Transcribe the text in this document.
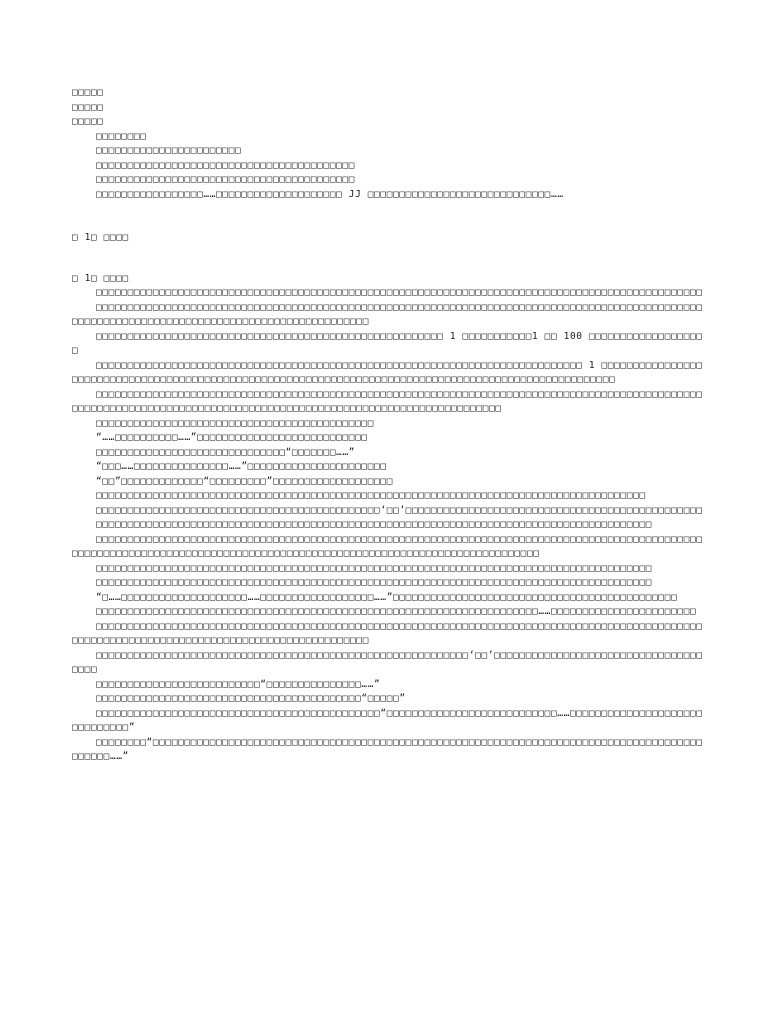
□□□□□
□□□□□
□□□□□
□□□□□□□□
□□□□□□□□□□□□□□□□□□□□□□□
□□□□□□□□□□□□□□□□□□□□□□□□□□□□□□□□□□□□□□□□□
□□□□□□□□□□□□□□□□□□□□□□□□□□□□□□□□□□□□□□□□□
□□□□□□□□□□□□□□□□□……□□□□□□□□□□□□□□□□□□□□ JJ □□□□□□□□□□□□□□□□□□□□□□□□□□□□□……
□ 1□ □□□□
□ 1□ □□□□

□□□□□□□□□□□□□□□□□□□□□□□□□□□□□□□□□□□□□□□□□□□□□□□□□□□□□□□□□□□□□□□□□□□□□□□□□□□□□□□□□□□□□□□□□□□□□□□□

□□□□□□□□□□□□□□□□□□□□□□□□□□□□□□□□□□□□□□□□□□□□□□□□□□□□□□□□□□□□□□□□□□□□□□□□□□□□□□□□□□□□□□□□□□□□□□□□□□□□□□□□□□□□□□□□□□□□□□□□□□□□□□□□□□□□□□□□□□□□□□□

□□□□□□□□□□□□□□□□□□□□□□□□□□□□□□□□□□□□□□□□□□□□□□□□□□□□□□□ 1 □□□□□□□□□□□1 □□ 100 □□□□□□□□□□□□□□□□□□□

□□□□□□□□□□□□□□□□□□□□□□□□□□□□□□□□□□□□□□□□□□□□□□□□□□□□□□□□□□□□□□□□□□□□□□□□□□□□□ 1 □□□□□□□□□□□□□□□□□□□□□□□□□□□□□□□□□□□□□□□□□□□□□□□□□□□□□□□□□□□□□□□□□□□□□□□□□□□□□□□□□□□□□□□□□□□□□□□□□□□□□□

□□□□□□□□□□□□□□□□□□□□□□□□□□□□□□□□□□□□□□□□□□□□□□□□□□□□□□□□□□□□□□□□□□□□□□□□□□□□□□□□□□□□□□□□□□□□□□□□□□□□□□□□□□□□□□□□□□□□□□□□□□□□□□□□□□□□□□□□□□□□□□□□□□□□□□□□□□□□□□□□□□□□

□□□□□□□□□□□□□□□□□□□□□□□□□□□□□□□□□□□□□□□□□□□□

“……□□□□□□□□□□……”□□□□□□□□□□□□□□□□□□□□□□□□□□□

□□□□□□□□□□□□□□□□□□□□□□□□□□□□□□“□□□□□□□……”

“□□□……□□□□□□□□□□□□□□□……”□□□□□□□□□□□□□□□□□□□□□□

“□□”□□□□□□□□□□□□□“□□□□□□□□□”□□□□□□□□□□□□□□□□□□□

□□□□□□□□□□□□□□□□□□□□□□□□□□□□□□□□□□□□□□□□□□□□□□□□□□□□□□□□□□□□□□□□□□□□□□□□□□□□□□□□□□□□□□□

□□□□□□□□□□□□□□□□□□□□□□□□□□□□□□□□□□□□□□□□□□□□□‘□□’□□□□□□□□□□□□□□□□□□□□□□□□□□□□□□□□□□□□□□□□□□□□□□□

□□□□□□□□□□□□□□□□□□□□□□□□□□□□□□□□□□□□□□□□□□□□□□□□□□□□□□□□□□□□□□□□□□□□□□□□□□□□□□□□□□□□□□□□

□□□□□□□□□□□□□□□□□□□□□□□□□□□□□□□□□□□□□□□□□□□□□□□□□□□□□□□□□□□□□□□□□□□□□□□□□□□□□□□□□□□□□□□□□□□□□□□□□□□□□□□□□□□□□□□□□□□□□□□□□□□□□□□□□□□□□□□□□□□□□□□□□□□□□□□□□□□□□□□□□□□□□□□□□□

□□□□□□□□□□□□□□□□□□□□□□□□□□□□□□□□□□□□□□□□□□□□□□□□□□□□□□□□□□□□□□□□□□□□□□□□□□□□□□□□□□□□□□□□

□□□□□□□□□□□□□□□□□□□□□□□□□□□□□□□□□□□□□□□□□□□□□□□□□□□□□□□□□□□□□□□□□□□□□□□□□□□□□□□□□□□□□□□□

“□……□□□□□□□□□□□□□□□□□□□□……□□□□□□□□□□□□□□□□□□……”□□□□□□□□□□□□□□□□□□□□□□□□□□□□□□□□□□□□□□□□□□□□□

□□□□□□□□□□□□□□□□□□□□□□□□□□□□□□□□□□□□□□□□□□□□□□□□□□□□□□□□□□□□□□□□□□□□□□……□□□□□□□□□□□□□□□□□□□□□□□

□□□□□□□□□□□□□□□□□□□□□□□□□□□□□□□□□□□□□□□□□□□□□□□□□□□□□□□□□□□□□□□□□□□□□□□□□□□□□□□□□□□□□□□□□□□□□□□□□□□□□□□□□□□□□□□□□□□□□□□□□□□□□□□□□□□□□□□□□□□□□□□

□□□□□□□□□□□□□□□□□□□□□□□□□□□□□□□□□□□□□□□□□□□□□□□□□□□□□□□□□□□‘□□’□□□□□□□□□□□□□□□□□□□□□□□□□□□□□□□□□□□□□

□□□□□□□□□□□□□□□□□□□□□□□□□□“□□□□□□□□□□□□□□□……”

□□□□□□□□□□□□□□□□□□□□□□□□□□□□□□□□□□□□□□□□□□“□□□□□”

□□□□□□□□□□□□□□□□□□□□□□□□□□□□□□□□□□□□□□□□□□□□□“□□□□□□□□□□□□□□□□□□□□□□□□□□□……□□□□□□□□□□□□□□□□□□□□□□□□□□□□□□”

□□□□□□□□“□□□□□□□□□□□□□□□□□□□□□□□□□□□□□□□□□□□□□□□□□□□□□□□□□□□□□□□□□□□□□□□□□□□□□□□□□□□□□□□□□□□□□□□□□□□□□……”
